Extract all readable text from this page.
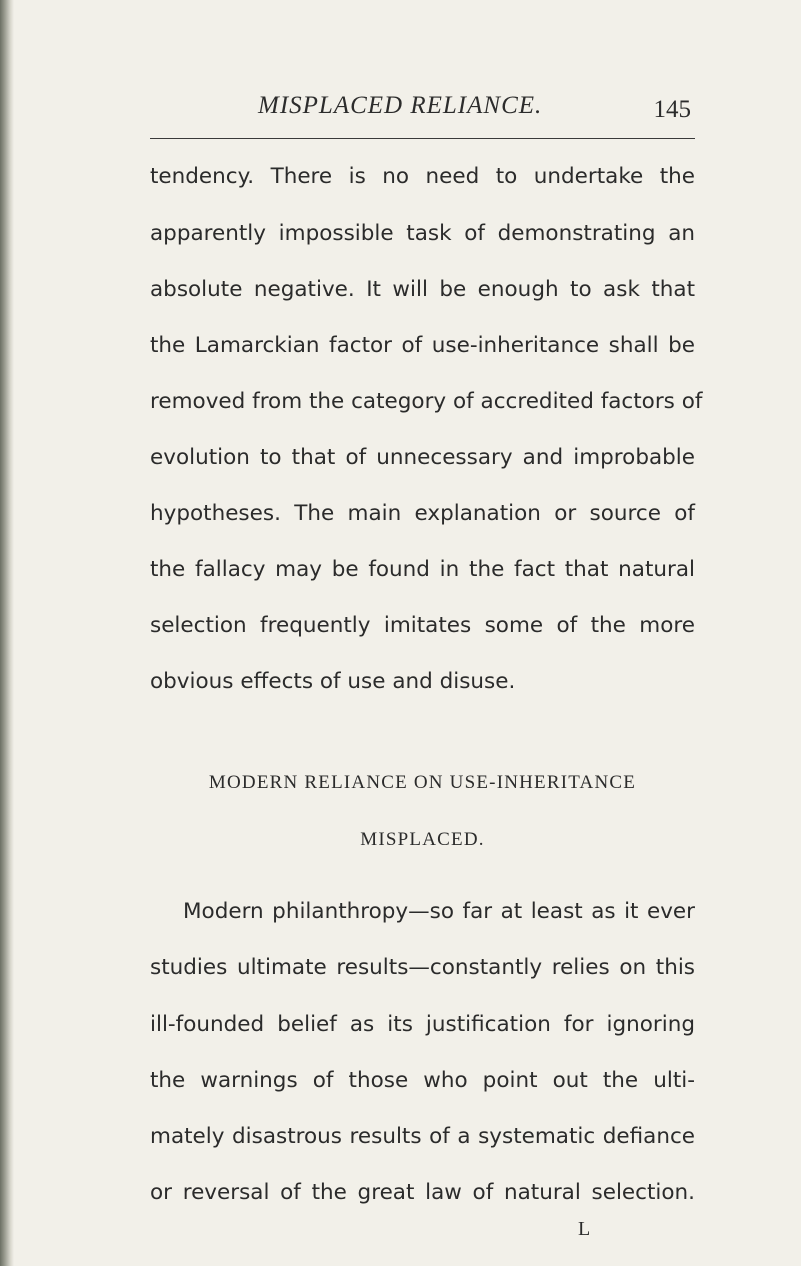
MISPLACED RELIANCE.	145
tendency. There is no need to undertake the
apparently impossible task of demonstrating an
absolute negative. It will be enough to ask that
the Lamarckian factor of use-inheritance shall be
removed from the category of accredited factors of
evolution to that of unnecessary and improbable
hypotheses. The main explanation or source of
the fallacy may be found in the fact that natural
selection frequently imitates some of the more
obvious effects of use and disuse.
MODERN RELIANCE ON USE-INHERITANCE
MISPLACED.
Modern philanthropy—so far at least as it ever
studies ultimate results—constantly relies on this
ill-founded belief as its justification for ignoring
the warnings of those who point out the ulti-
mately disastrous results of a systematic defiance
or reversal of the great law of natural selection.
L
